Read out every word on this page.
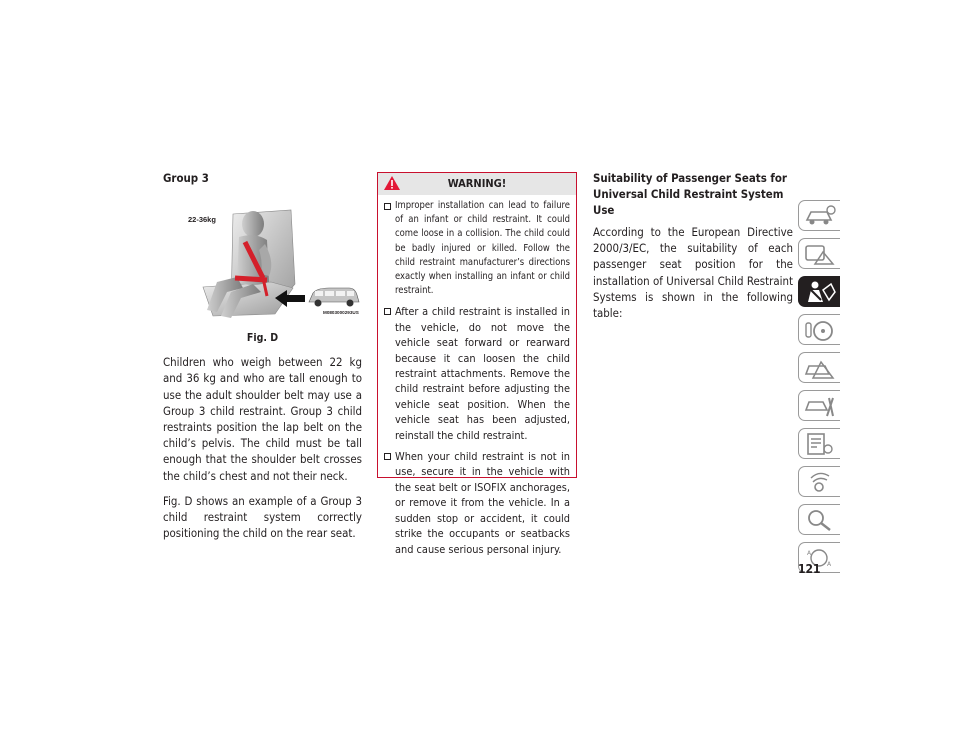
Group 3
22-36kg
M0803000293US
Fig. D

Children who weigh between 22 kg and 36 kg and who are tall enough to use the adult shoulder belt may use a Group 3 child restraint. Group 3 child restraints position the lap belt on the child’s pelvis. The child must be tall enough that the shoulder belt crosses the child’s chest and not their neck.

Fig. D shows an example of a Group 3 child restraint system correctly positioning the child on the rear seat.

WARNING!
Improper installation can lead to failure of an infant or child restraint. It could come loose in a collision. The child could be badly injured or killed. Follow the child restraint manufacturer’s directions exactly when installing an infant or child restraint.
After a child restraint is installed in the vehicle, do not move the vehicle seat forward or rearward because it can loosen the child restraint attachments. Remove the child restraint before adjusting the vehicle seat position. When the vehicle seat has been adjusted, reinstall the child restraint.
When your child restraint is not in use, secure it in the vehicle with the seat belt or ISOFIX anchorages, or remove it from the vehicle. In a sudden stop or accident, it could strike the occupants or seatbacks and cause serious personal injury.
Suitability of Passenger Seats for Universal Child Restraint System Use

According to the European Directive 2000/3/EC, the suitability of each passenger seat position for the installation of Universal Child Restraint Systems is shown in the following table:

A
A
121
